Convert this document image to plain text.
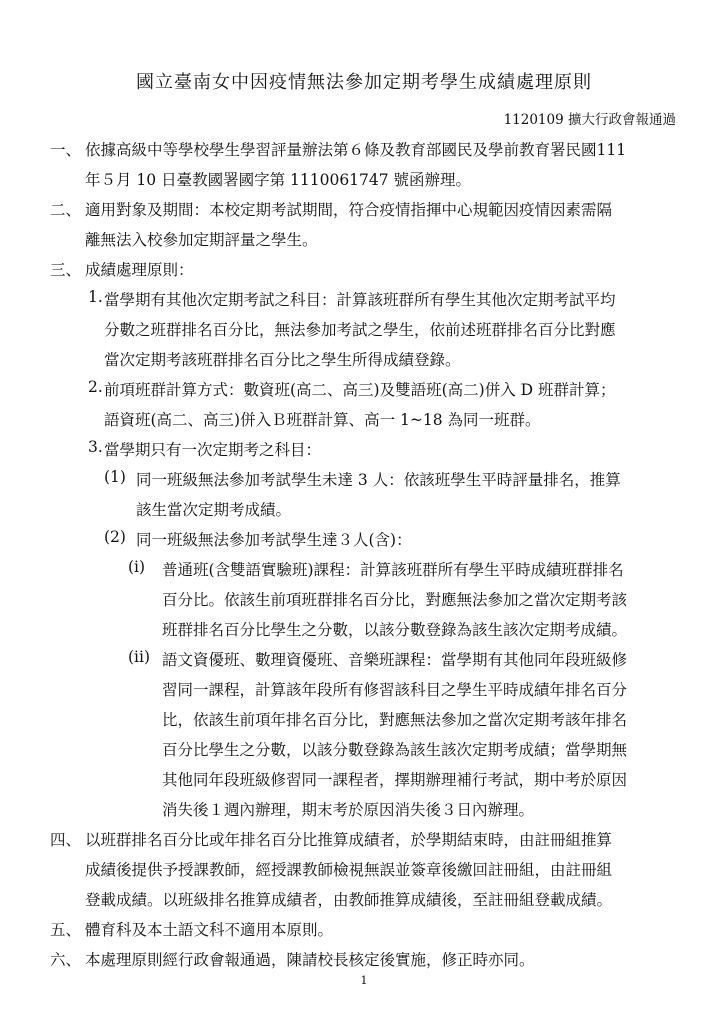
國立臺南女中因疫情無法參加定期考學生成績處理原則
1120109 擴大行政會報通過
一、 依據高級中等學校學生學習評量辦法第６條及教育部國民及學前教育署民國111
年５月 10 日臺教國署國字第 1110061747 號函辦理。
二、 適用對象及期間：本校定期考試期間，符合疫情指揮中心規範因疫情因素需隔
離無法入校參加定期評量之學生。
三、 成績處理原則：
1. 當學期有其他次定期考試之科目：計算該班群所有學生其他次定期考試平均
分數之班群排名百分比，無法參加考試之學生，依前述班群排名百分比對應
當次定期考該班群排名百分比之學生所得成績登錄。
2. 前項班群計算方式：數資班(高二、高三)及雙語班(高二)併入 D 班群計算；
語資班(高二、高三)併入Ｂ班群計算、高一 1~18 為同一班群。
3. 當學期只有一次定期考之科目：
(1) 同一班級無法參加考試學生未達 3 人：依該班學生平時評量排名，推算
該生當次定期考成績。
(2) 同一班級無法參加考試學生達３人(含)：
(i) 普通班(含雙語實驗班)課程：計算該班群所有學生平時成績班群排名
百分比。依該生前項班群排名百分比，對應無法參加之當次定期考該
班群排名百分比學生之分數，以該分數登錄為該生該次定期考成績。
(ii) 語文資優班、數理資優班、音樂班課程：當學期有其他同年段班級修
習同一課程，計算該年段所有修習該科目之學生平時成績年排名百分
比，依該生前項年排名百分比，對應無法參加之當次定期考該年排名
百分比學生之分數，以該分數登錄為該生該次定期考成績；當學期無
其他同年段班級修習同一課程者，擇期辦理補行考試，期中考於原因
消失後１週內辦理，期末考於原因消失後３日內辦理。
四、 以班群排名百分比或年排名百分比推算成績者，於學期結束時，由註冊組推算
成績後提供予授課教師，經授課教師檢視無誤並簽章後繳回註冊組，由註冊組
登載成績。以班級排名推算成績者，由教師推算成績後，至註冊組登載成績。
五、 體育科及本土語文科不適用本原則。
六、 本處理原則經行政會報通過，陳請校長核定後實施，修正時亦同。
1
